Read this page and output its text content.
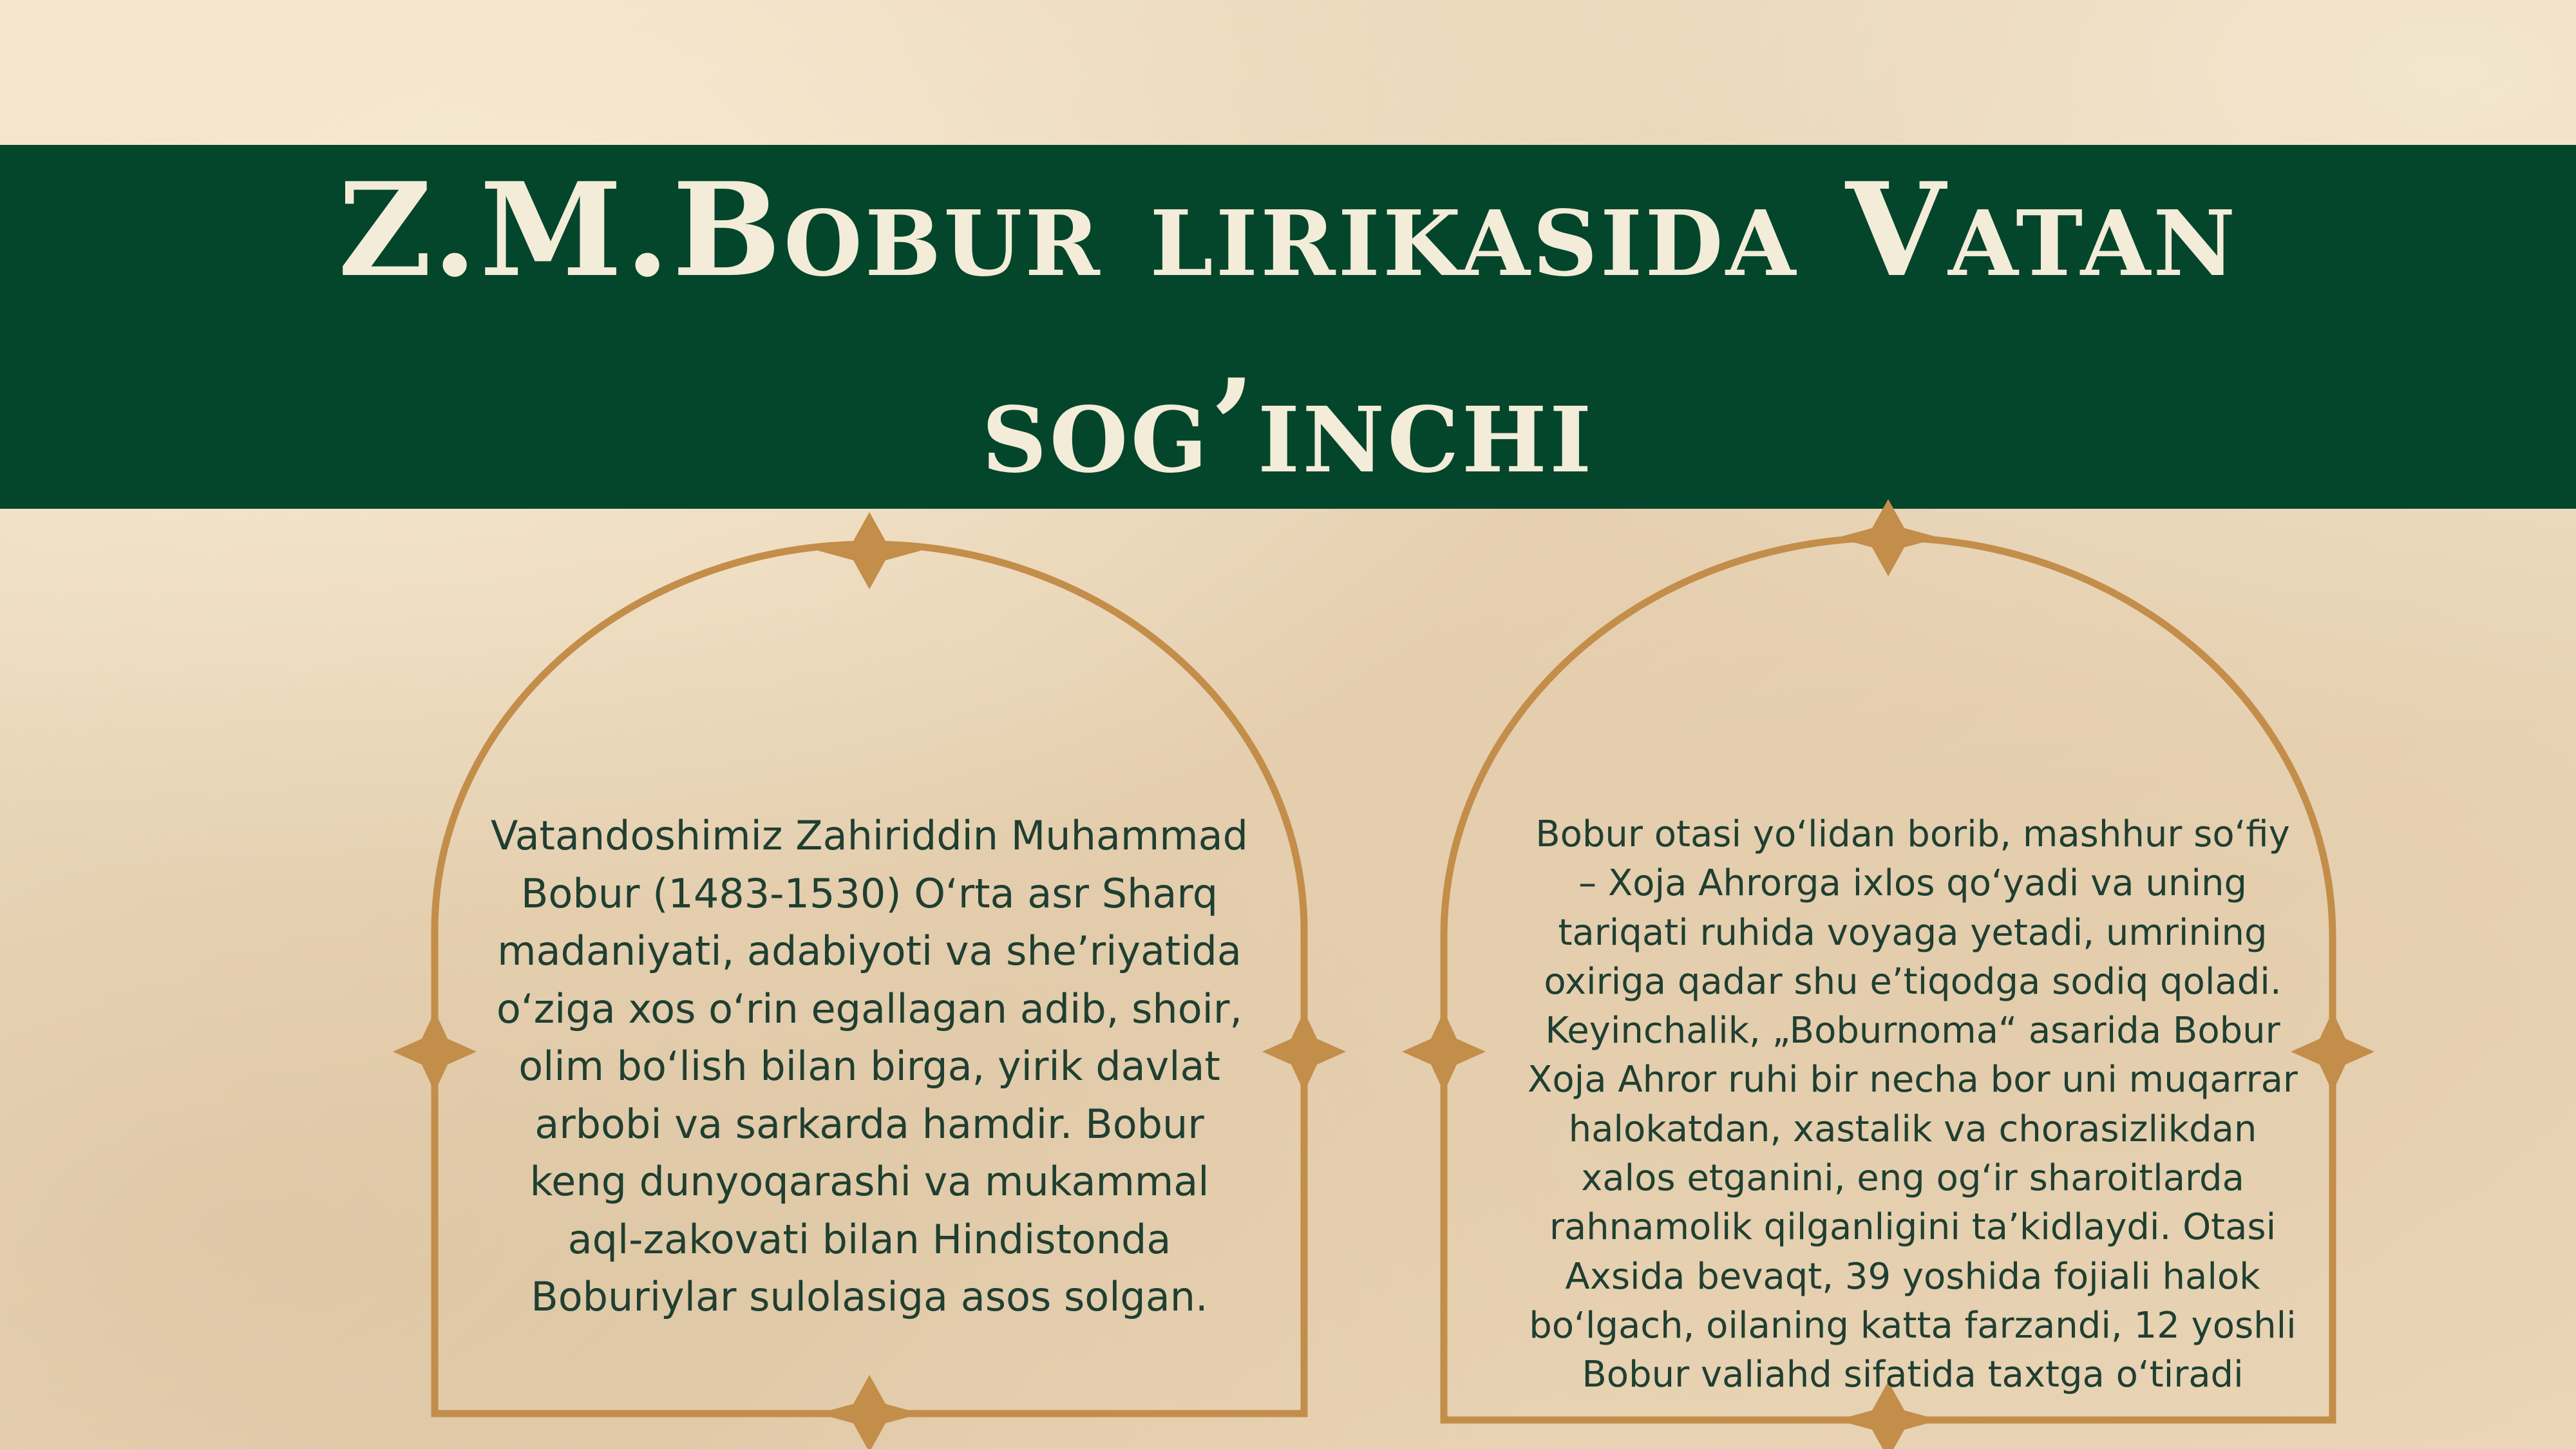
Z.M.Bobur lirikasida Vatan
sog’inchi
Vatandoshimiz Zahiriddin Muhammad
Bobur (1483-1530) O‘rta asr Sharq
madaniyati, adabiyoti va she’riyatida
o‘ziga xos o‘rin egallagan adib, shoir,
olim bo‘lish bilan birga, yirik davlat
arbobi va sarkarda hamdir. Bobur
keng dunyoqarashi va mukammal
aql-zakovati bilan Hindistonda
Boburiylar sulolasiga asos solgan.
Bobur otasi yo‘lidan borib, mashhur so‘fiy
– Xoja Ahrorga ixlos qo‘yadi va uning
tariqati ruhida voyaga yetadi, umrining
oxiriga qadar shu e’tiqodga sodiq qoladi.
Keyinchalik, „Boburnoma“ asarida Bobur
Xoja Ahror ruhi bir necha bor uni muqarrar
halokatdan, xastalik va chorasizlikdan
xalos etganini, eng og‘ir sharoitlarda
rahnamolik qilganligini ta’kidlaydi. Otasi
Axsida bevaqt, 39 yoshida fojiali halok
bo‘lgach, oilaning katta farzandi, 12 yoshli
Bobur valiahd sifatida taxtga o‘tiradi
